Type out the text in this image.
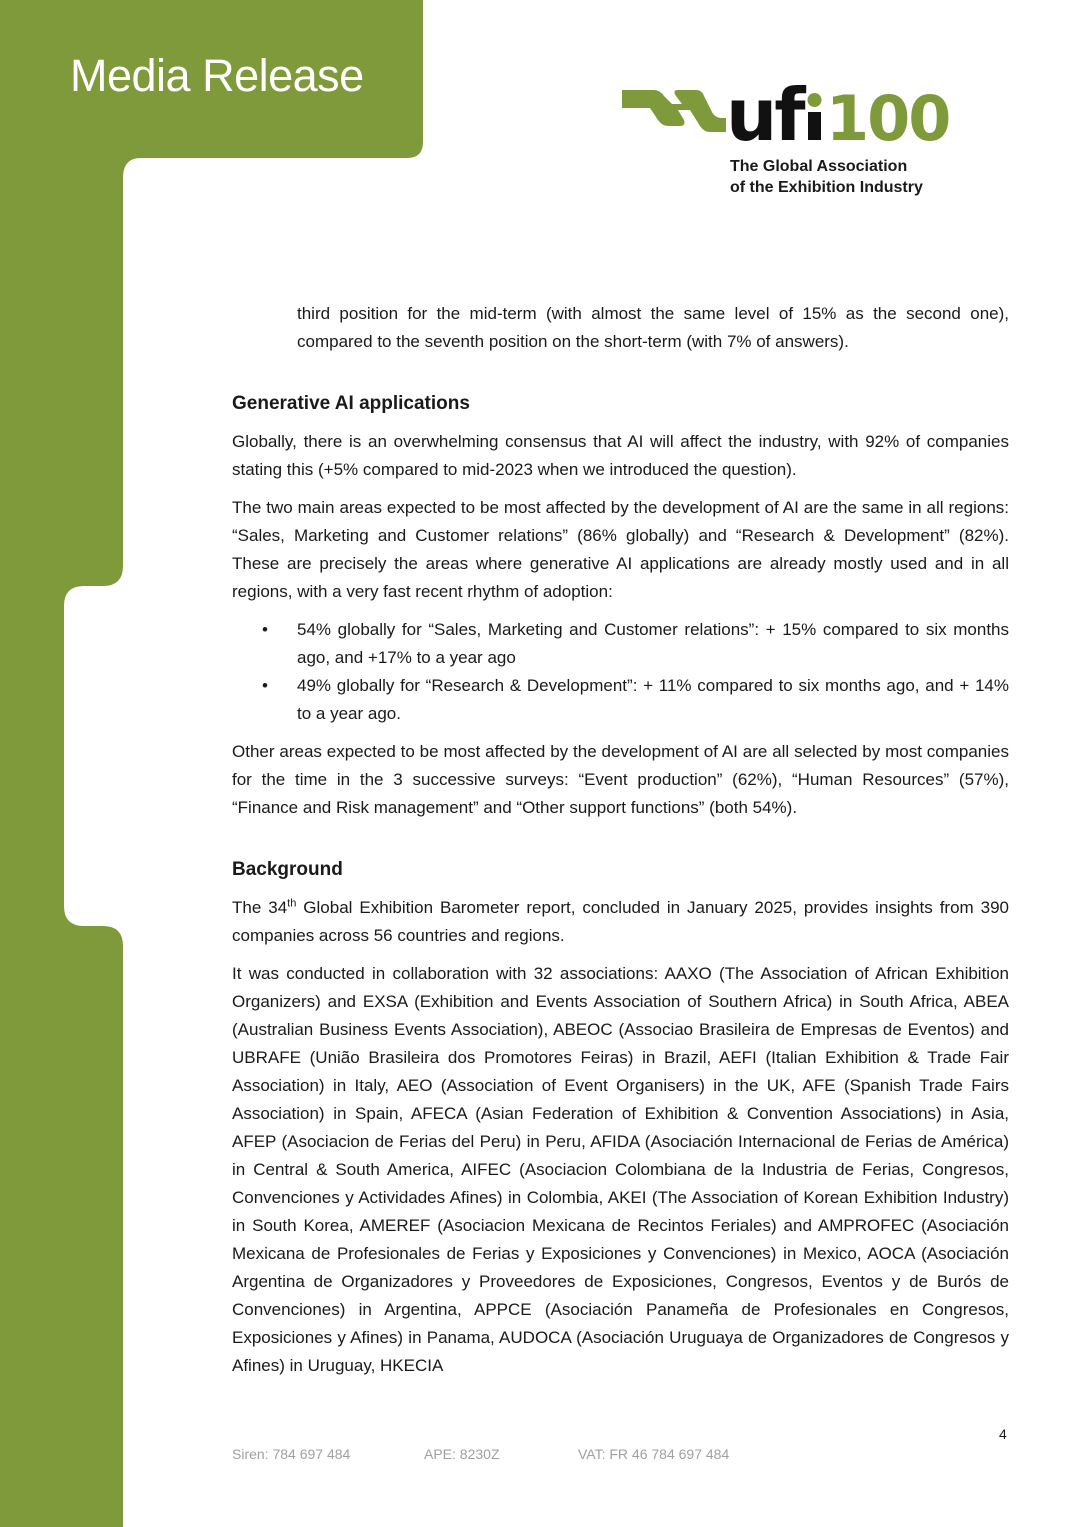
Media Release	uf 100
The Global Association
of the Exhibition Industry

third position for the mid-term (with almost the same level of 15% as the second one), compared to the seventh position on the short-term (with 7% of answers).

Generative AI applications

Globally, there is an overwhelming consensus that AI will affect the industry, with 92% of companies stating this (+5% compared to mid-2023 when we introduced the question).

The two main areas expected to be most affected by the development of AI are the same in all regions: “Sales, Marketing and Customer relations” (86% globally) and “Research & Development” (82%). These are precisely the areas where generative AI applications are already mostly used and in all regions, with a very fast recent rhythm of adoption:

• 54% globally for “Sales, Marketing and Customer relations”: + 15% compared to six months ago, and +17% to a year ago
• 49% globally for “Research & Development”: + 11% compared to six months ago, and + 14% to a year ago.

Other areas expected to be most affected by the development of AI are all selected by most companies for the time in the 3 successive surveys: “Event production” (62%), “Human Resources” (57%), “Finance and Risk management” and “Other support functions” (both 54%).

Background

The 34th Global Exhibition Barometer report, concluded in January 2025, provides insights from 390 companies across 56 countries and regions.

It was conducted in collaboration with 32 associations: AAXO (The Association of African Exhibition Organizers) and EXSA (Exhibition and Events Association of Southern Africa) in South Africa, ABEA (Australian Business Events Association), ABEOC (Associao Brasileira de Empresas de Eventos) and UBRAFE (União Brasileira dos Promotores Feiras) in Brazil, AEFI (Italian Exhibition & Trade Fair Association) in Italy, AEO (Association of Event Organisers) in the UK, AFE (Spanish Trade Fairs Association) in Spain, AFECA (Asian Federation of Exhibition & Convention Associations) in Asia, AFEP (Asociacion de Ferias del Peru) in Peru, AFIDA (Asociación Internacional de Ferias de América) in Central & South America, AIFEC (Asociacion Colombiana de la Industria de Ferias, Congresos, Convenciones y Actividades Afines) in Colombia, AKEI (The Association of Korean Exhibition Industry) in South Korea, AMEREF (Asociacion Mexicana de Recintos Feriales) and AMPROFEC (Asociación Mexicana de Profesionales de Ferias y Exposiciones y Convenciones) in Mexico, AOCA (Asociación Argentina de Organizadores y Proveedores de Exposiciones, Congresos, Eventos y de Burós de Convenciones) in Argentina, APPCE (Asociación Panameña de Profesionales en Congresos, Exposiciones y Afines) in Panama, AUDOCA (Asociación Uruguaya de Organizadores de Congresos y Afines) in Uruguay, HKECIA

4
Siren: 784 697 484	APE: 8230Z	VAT: FR 46 784 697 484
